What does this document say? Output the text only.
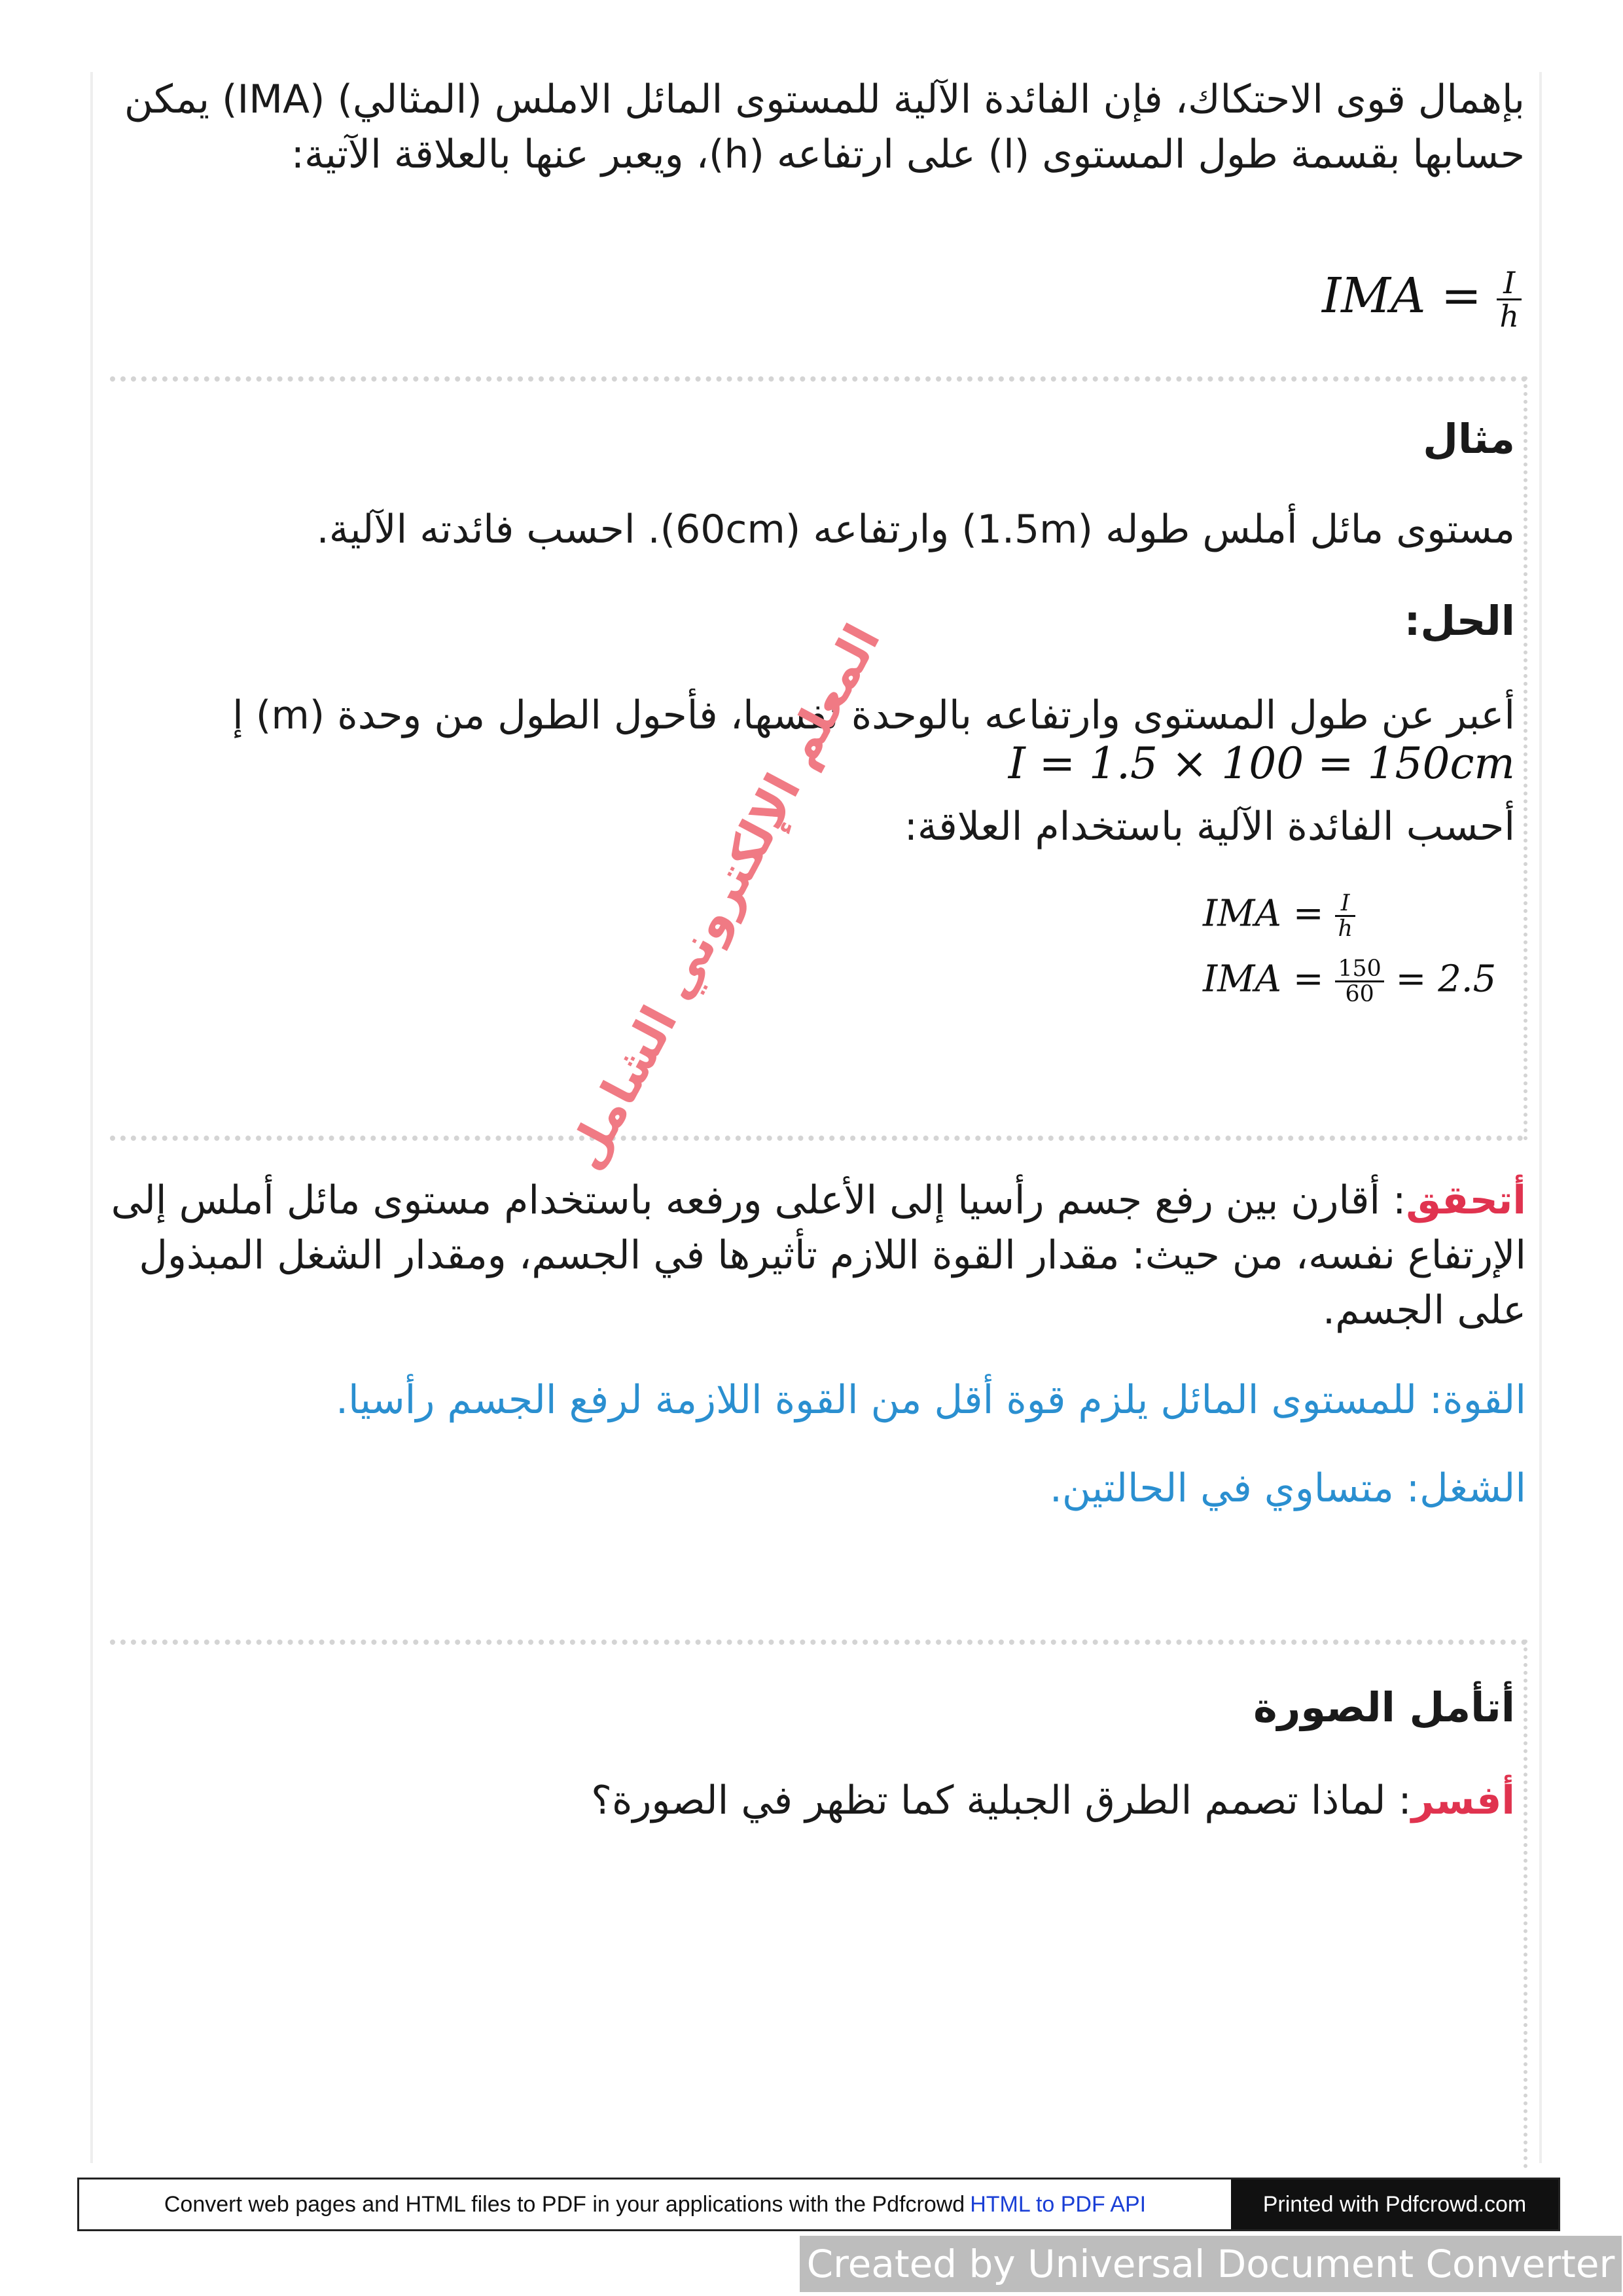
بإهمال قوى الاحتكاك، فإن الفائدة الآلية للمستوى المائل الاملس (المثالي) (IMA) يمكن حسابها بقسمة طول المستوى (l) على ارتفاعه (h)، ويعبر عنها بالعلاقة الآتية:
IMA = $\frac{I}{h}$
مثال
مستوى مائل أملس طوله (1.5m) وارتفاعه (60cm). احسب فائدته الآلية.
الحل:
أعبر عن طول المستوى وارتفاعه بالوحدة نفسها، فأحول الطول من وحدة (m) إ
I = 1.5 × 100 = 150cm
أحسب الفائدة الآلية باستخدام العلاقة:
IMA = $\frac{I}{h}$
IMA = $\frac{150}{60} = 2.5$
أتحقق: أقارن بين رفع جسم رأسيا إلى الأعلى ورفعه باستخدام مستوى مائل أملس إلى الإرتفاع نفسه، من حيث: مقدار القوة اللازم تأثيرها في الجسم، ومقدار الشغل المبذول على الجسم.
القوة: للمستوى المائل يلزم قوة أقل من القوة اللازمة لرفع الجسم رأسيا.
الشغل: متساوي في الحالتين.
أتأمل الصورة
أفسر: لماذا تصمم الطرق الجبلية كما تظهر في الصورة؟
المعلم الإلكتروني الشامل
Convert web pages and HTML files to PDF in your applications with the Pdfcrowd HTML to PDF API	Printed with Pdfcrowd.com
Created by Universal Document Converter
